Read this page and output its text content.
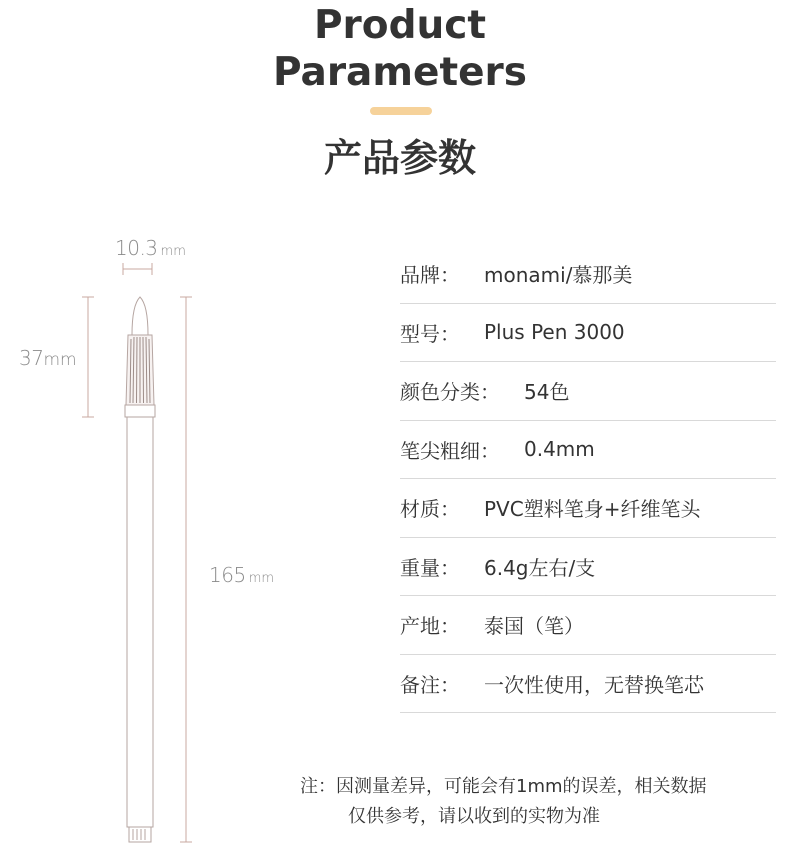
Product
Parameters
产品参数
10.3 mm
37mm
165 mm
品牌： monami/慕那美
型号： Plus Pen 3000
颜色分类： 54色
笔尖粗细： 0.4mm
材质： PVC塑料笔身+纤维笔头
重量： 6.4g左右/支
产地： 泰国（笔）
备注： 一次性使用，无替换笔芯
注：因测量差异，可能会有1mm的误差，相关数据
仅供参考，请以收到的实物为准
